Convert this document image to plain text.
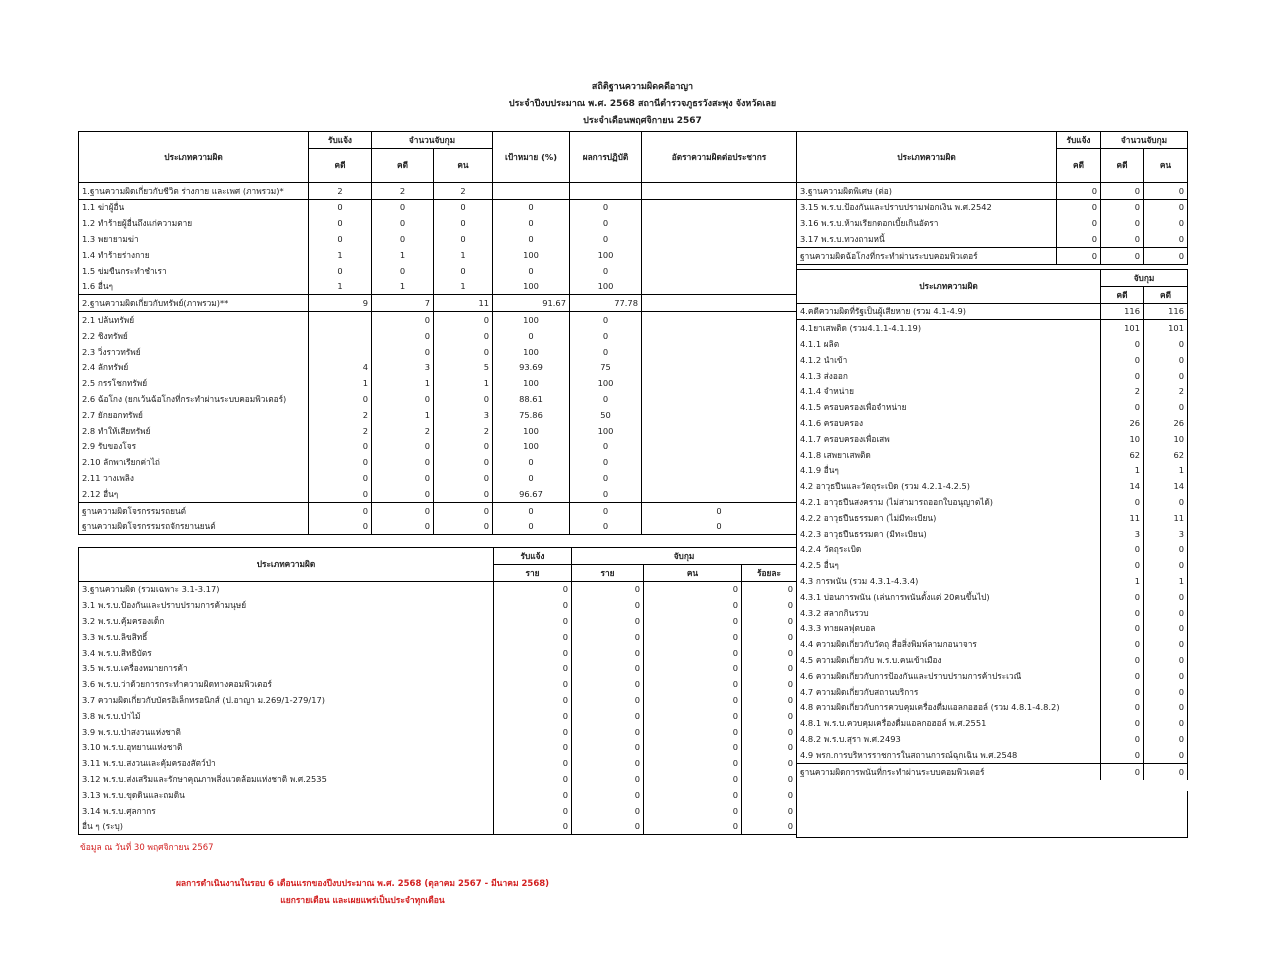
สถิติฐานความผิดคดีอาญา
ประจำปีงบประมาณ พ.ศ. 2568 สถานีตำรวจภูธรวังสะพุง จังหวัดเลย
ประจำเดือนพฤศจิกายน 2567
ประเภทความผิด	รับแจ้ง	จำนวนจับกุม		เป้าหมาย (%)	ผลการปฏิบัติ	อัตราความผิดต่อประชากร
	คดี	คดี	คน			
1.ฐานความผิดเกี่ยวกับชีวิต ร่างกาย และเพศ (ภาพรวม)*	2	2	2			
1.1 ฆ่าผู้อื่น	0	0	0	0	0	
1.2 ทำร้ายผู้อื่นถึงแก่ความตาย	0	0	0	0	0	
1.3 พยายามฆ่า	0	0	0	0	0	
1.4 ทำร้ายร่างกาย	1	1	1	100	100	
1.5 ข่มขืนกระทำชำเรา	0	0	0	0	0	
1.6 อื่นๆ	1	1	1	100	100	
2.ฐานความผิดเกี่ยวกับทรัพย์(ภาพรวม)**	9	7	11	91.67	77.78	
2.1 ปล้นทรัพย์		0	0	100	0	
2.2 ชิงทรัพย์		0	0	0	0	
2.3 วิ่งราวทรัพย์		0	0	100	0	
2.4 ลักทรัพย์	4	3	5	93.69	75	
2.5 กรรโชกทรัพย์	1	1	1	100	100	
2.6 ฉ้อโกง (ยกเว้นฉ้อโกงที่กระทำผ่านระบบคอมพิวเตอร์)	0	0	0	88.61	0	
2.7 ยักยอกทรัพย์	2	1	3	75.86	50	
2.8 ทำให้เสียทรัพย์	2	2	2	100	100	
2.9 รับของโจร	0	0	0	100	0	
2.10 ลักพาเรียกค่าไถ่	0	0	0	0	0	
2.11 วางเพลิง	0	0	0	0	0	
2.12 อื่นๆ	0	0	0	96.67	0	
ฐานความผิดโจรกรรมรถยนต์	0	0	0	0	0	0
ฐานความผิดโจรกรรมรถจักรยานยนต์	0	0	0	0	0	0
ประเภทความผิด	รับแจ้ง	จับกุม		
	ราย	ราย	คน	ร้อยละ
3.ฐานความผิด (รวมเฉพาะ 3.1-3.17)	0	0	0	0
3.1 พ.ร.บ.ป้องกันและปราบปรามการค้ามนุษย์	0	0	0	0
3.2 พ.ร.บ.คุ้มครองเด็ก	0	0	0	0
3.3 พ.ร.บ.ลิขสิทธิ์	0	0	0	0
3.4 พ.ร.บ.สิทธิบัตร	0	0	0	0
3.5 พ.ร.บ.เครื่องหมายการค้า	0	0	0	0
3.6 พ.ร.บ.ว่าด้วยการกระทำความผิดทางคอมพิวเตอร์	0	0	0	0
3.7 ความผิดเกี่ยวกับบัตรอิเล็กทรอนิกส์ (ป.อาญา ม.269/1-279/17)	0	0	0	0
3.8 พ.ร.บ.ป่าไม้	0	0	0	0
3.9 พ.ร.บ.ป่าสงวนแห่งชาติ	0	0	0	0
3.10 พ.ร.บ.อุทยานแห่งชาติ	0	0	0	0
3.11 พ.ร.บ.สงวนและคุ้มครองสัตว์ป่า	0	0	0	0
3.12 พ.ร.บ.ส่งเสริมและรักษาคุณภาพสิ่งแวดล้อมแห่งชาติ พ.ศ.2535	0	0	0	0
3.13 พ.ร.บ.ขุดดินและถมดิน	0	0	0	0
3.14 พ.ร.บ.ศุลกากร	0	0	0	0
อื่น ๆ (ระบุ)	0	0	0	0
ประเภทความผิด	รับแจ้ง	จำนวนจับกุม	
	คดี	คดี	คน
3.ฐานความผิดพิเศษ (ต่อ)	0	0	0
3.15 พ.ร.บ.ป้องกันและปราบปรามฟอกเงิน พ.ศ.2542	0	0	0
3.16 พ.ร.บ.ห้ามเรียกดอกเบี้ยเกินอัตรา	0	0	0
3.17 พ.ร.บ.ทวงถามหนี้	0	0	0
ฐานความผิดฉ้อโกงที่กระทำผ่านระบบคอมพิวเตอร์	0	0	0
ประเภทความผิด	จับกุม	
	คดี	คดี
4.คดีความผิดที่รัฐเป็นผู้เสียหาย (รวม 4.1-4.9)	116	116
4.1ยาเสพติด (รวม4.1.1-4.1.19)	101	101
4.1.1 ผลิต	0	0
4.1.2 นำเข้า	0	0
4.1.3 ส่งออก	0	0
4.1.4 จำหน่าย	2	2
4.1.5 ครอบครองเพื่อจำหน่าย	0	0
4.1.6 ครอบครอง	26	26
4.1.7 ครอบครองเพื่อเสพ	10	10
4.1.8 เสพยาเสพติด	62	62
4.1.9 อื่นๆ	1	1
4.2 อาวุธปืนและวัตถุระเบิด (รวม 4.2.1-4.2.5)	14	14
4.2.1 อาวุธปืนสงคราม (ไม่สามารถออกใบอนุญาตได้)	0	0
4.2.2 อาวุธปืนธรรมดา (ไม่มีทะเบียน)	11	11
4.2.3 อาวุธปืนธรรมดา (มีทะเบียน)	3	3
4.2.4 วัตถุระเบิด	0	0
4.2.5 อื่นๆ	0	0
4.3 การพนัน (รวม 4.3.1-4.3.4)	1	1
4.3.1 บ่อนการพนัน (เล่นการพนันตั้งแต่ 20คนขึ้นไป)	0	0
4.3.2 สลากกินรวบ	0	0
4.3.3 ทายผลฟุตบอล	0	0
4.4 ความผิดเกี่ยวกับวัตถุ สื่อสิ่งพิมพ์ลามกอนาจาร	0	0
4.5 ความผิดเกี่ยวกับ พ.ร.บ.คนเข้าเมือง	0	0
4.6 ความผิดเกี่ยวกับการป้องกันและปราบปรามการค้าประเวณี	0	0
4.7 ความผิดเกี่ยวกับสถานบริการ	0	0
4.8 ความผิดเกี่ยวกับการควบคุมเครื่องดื่มแอลกอฮอล์ (รวม 4.8.1-4.8.2)	0	0
4.8.1 พ.ร.บ.ควบคุมเครื่องดื่มแอลกอฮอล์ พ.ศ.2551	0	0
4.8.2 พ.ร.บ.สุรา พ.ศ.2493	0	0
4.9 พรก.การบริหารราชการในสถานการณ์ฉุกเฉิน พ.ศ.2548	0	0
ฐานความผิดการพนันที่กระทำผ่านระบบคอมพิวเตอร์	0	0
ข้อมูล ณ วันที่ 30 พฤศจิกายน 2567
ผลการดำเนินงานในรอบ 6 เดือนแรกของปีงบประมาณ พ.ศ. 2568 (ตุลาคม 2567 - มีนาคม 2568)
แยกรายเดือน และเผยแพร่เป็นประจำทุกเดือน
